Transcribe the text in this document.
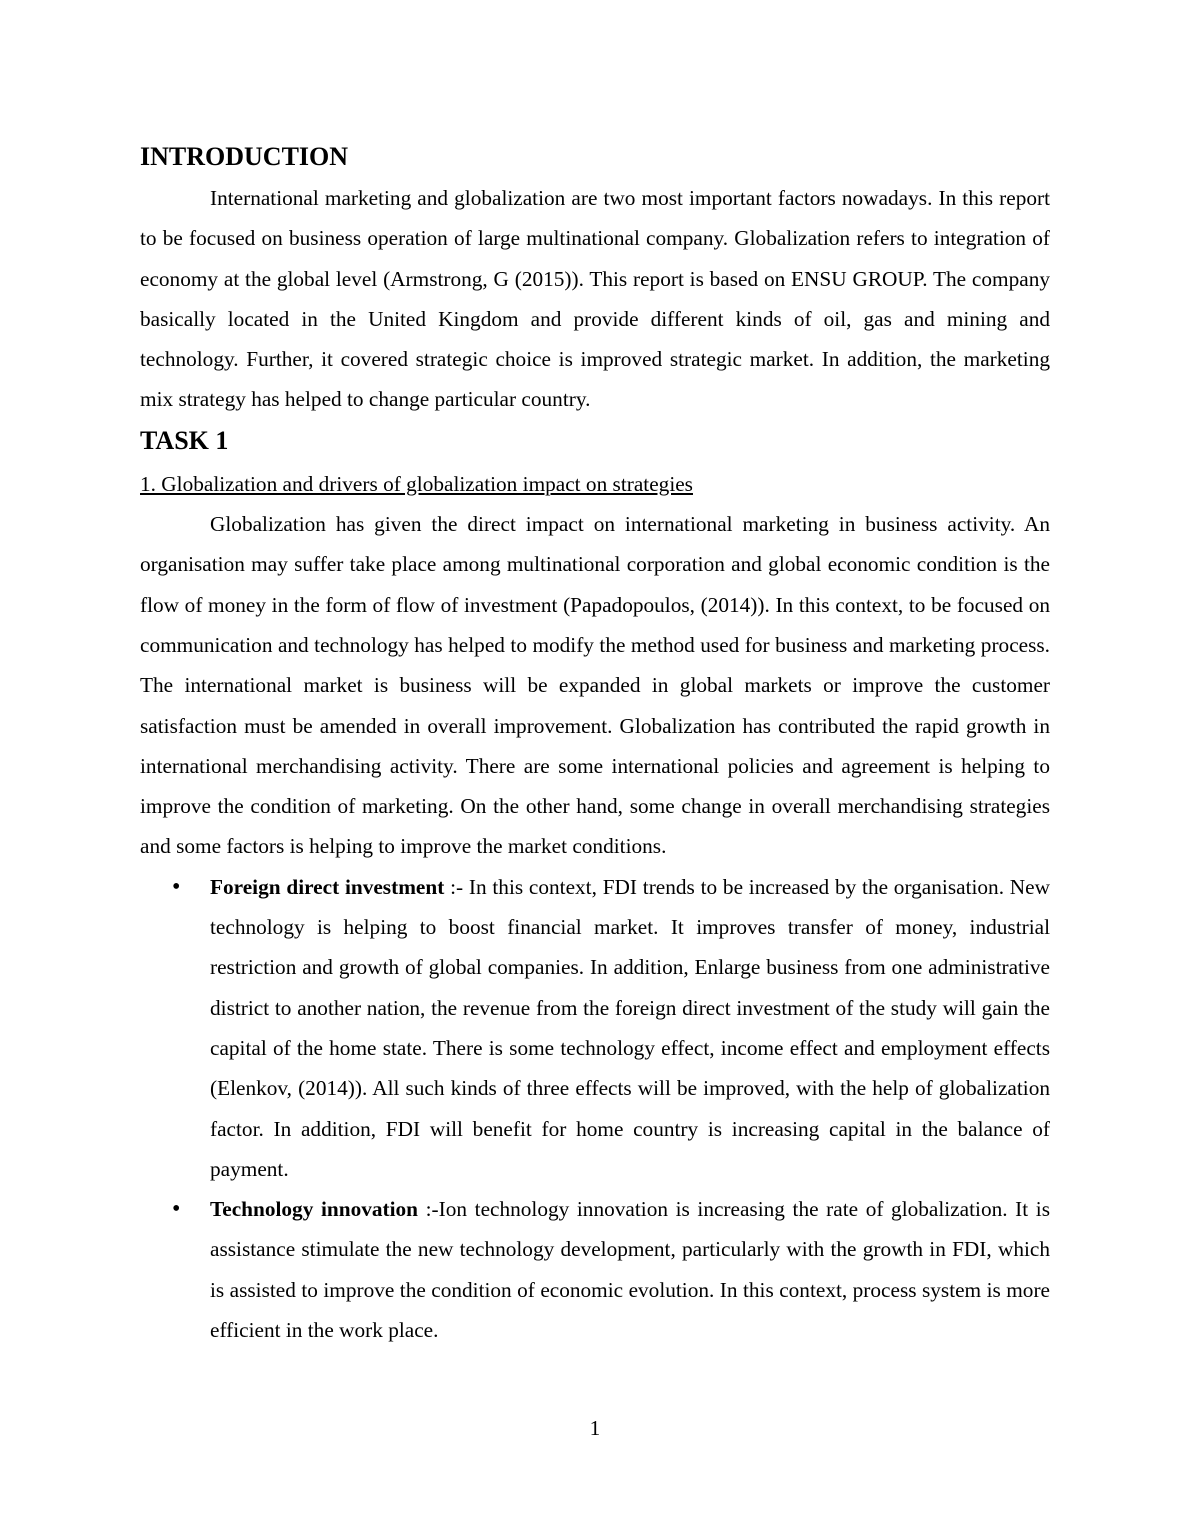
INTRODUCTION

International marketing and globalization are two most important factors nowadays. In this report to be focused on business operation of large multinational company. Globalization refers to integration of economy at the global level (Armstrong, G (2015)). This report is based on ENSU GROUP. The company basically located in the United Kingdom and provide different kinds of oil, gas and mining and technology. Further, it covered strategic choice is improved strategic market. In addition, the marketing mix strategy has helped to change particular country.

TASK 1

1. Globalization and drivers of globalization impact on strategies

Globalization has given the direct impact on international marketing in business activity. An organisation may suffer take place among multinational corporation and global economic condition is the flow of money in the form of flow of investment (Papadopoulos, (2014)). In this context, to be focused on communication and technology has helped to modify the method used for business and marketing process. The international market is business will be expanded in global markets or improve the customer satisfaction must be amended in overall improvement. Globalization has contributed the rapid growth in international merchandising activity. There are some international policies and agreement is helping to improve the condition of marketing. On the other hand, some change in overall merchandising strategies and some factors is helping to improve the market conditions.

• Foreign direct investment :- In this context, FDI trends to be increased by the organisation. New technology is helping to boost financial market. It improves transfer of money, industrial restriction and growth of global companies. In addition, Enlarge business from one administrative district to another nation, the revenue from the foreign direct investment of the study will gain the capital of the home state. There is some technology effect, income effect and employment effects (Elenkov, (2014)). All such kinds of three effects will be improved, with the help of globalization factor. In addition, FDI will benefit for home country is increasing capital in the balance of payment.
• Technology innovation :-Ion technology innovation is increasing the rate of globalization. It is assistance stimulate the new technology development, particularly with the growth in FDI, which is assisted to improve the condition of economic evolution. In this context, process system is more efficient in the work place.
1
